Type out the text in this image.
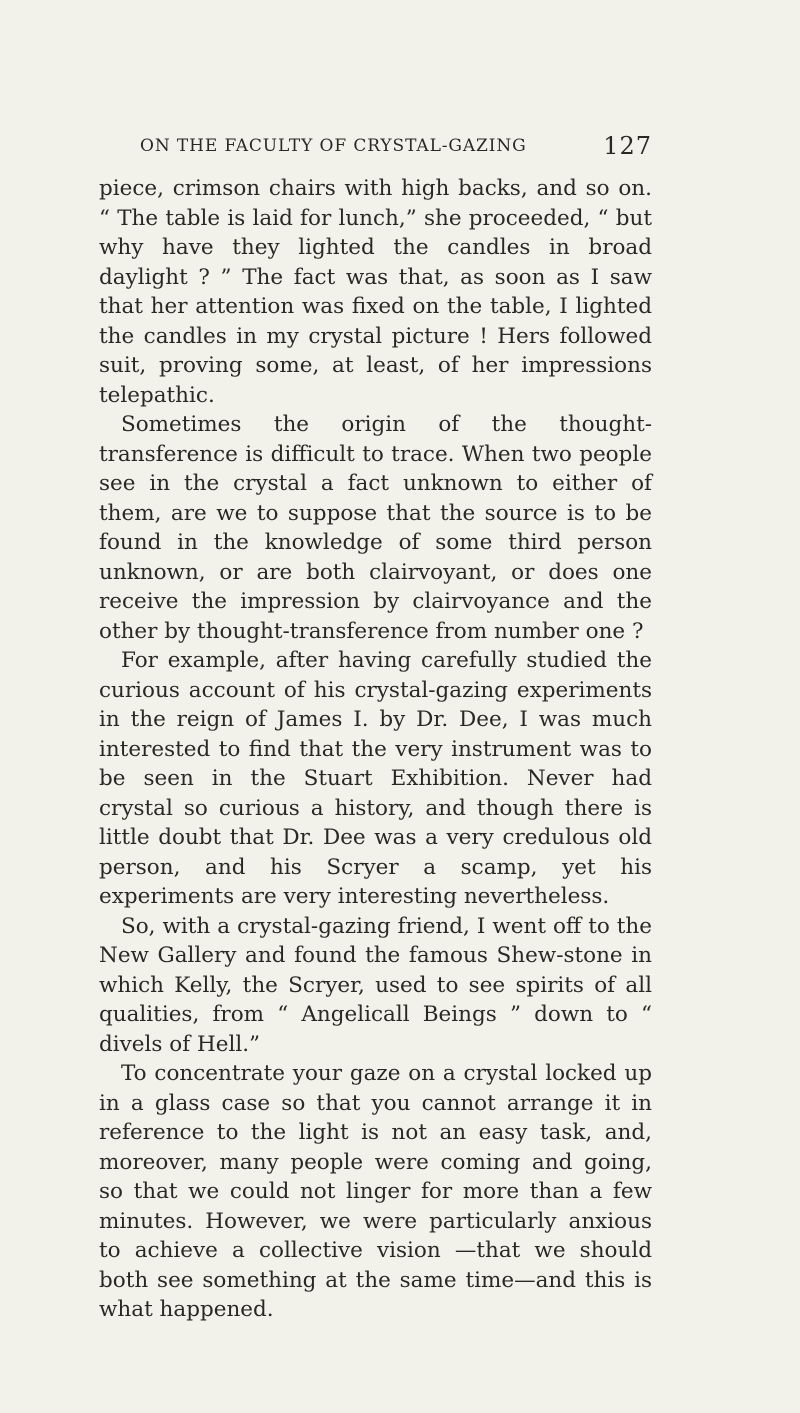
ON THE FACULTY OF CRYSTAL-GAZING	127

piece, crimson chairs with high backs, and so on. “ The table is laid for lunch,” she proceeded, “ but why have they lighted the candles in broad daylight ? ” The fact was that, as soon as I saw that her attention was fixed on the table, I lighted the candles in my crystal picture ! Hers followed suit, proving some, at least, of her impressions telepathic.

Sometimes the origin of the thought-transference is difficult to trace. When two people see in the crystal a fact unknown to either of them, are we to suppose that the source is to be found in the knowledge of some third person unknown, or are both clairvoyant, or does one receive the impression by clairvoyance and the other by thought-transference from number one ?

For example, after having carefully studied the curious account of his crystal-gazing experiments in the reign of James I. by Dr. Dee, I was much interested to find that the very instrument was to be seen in the Stuart Exhibition. Never had crystal so curious a history, and though there is little doubt that Dr. Dee was a very credulous old person, and his Scryer a scamp, yet his experiments are very interesting nevertheless.

So, with a crystal-gazing friend, I went off to the New Gallery and found the famous Shew-stone in which Kelly, the Scryer, used to see spirits of all qualities, from “ Angelicall Beings ” down to “ divels of Hell.”

To concentrate your gaze on a crystal locked up in a glass case so that you cannot arrange it in reference to the light is not an easy task, and, moreover, many people were coming and going, so that we could not linger for more than a few minutes. However, we were particularly anxious to achieve a collective vision —that we should both see something at the same time—and this is what happened.
